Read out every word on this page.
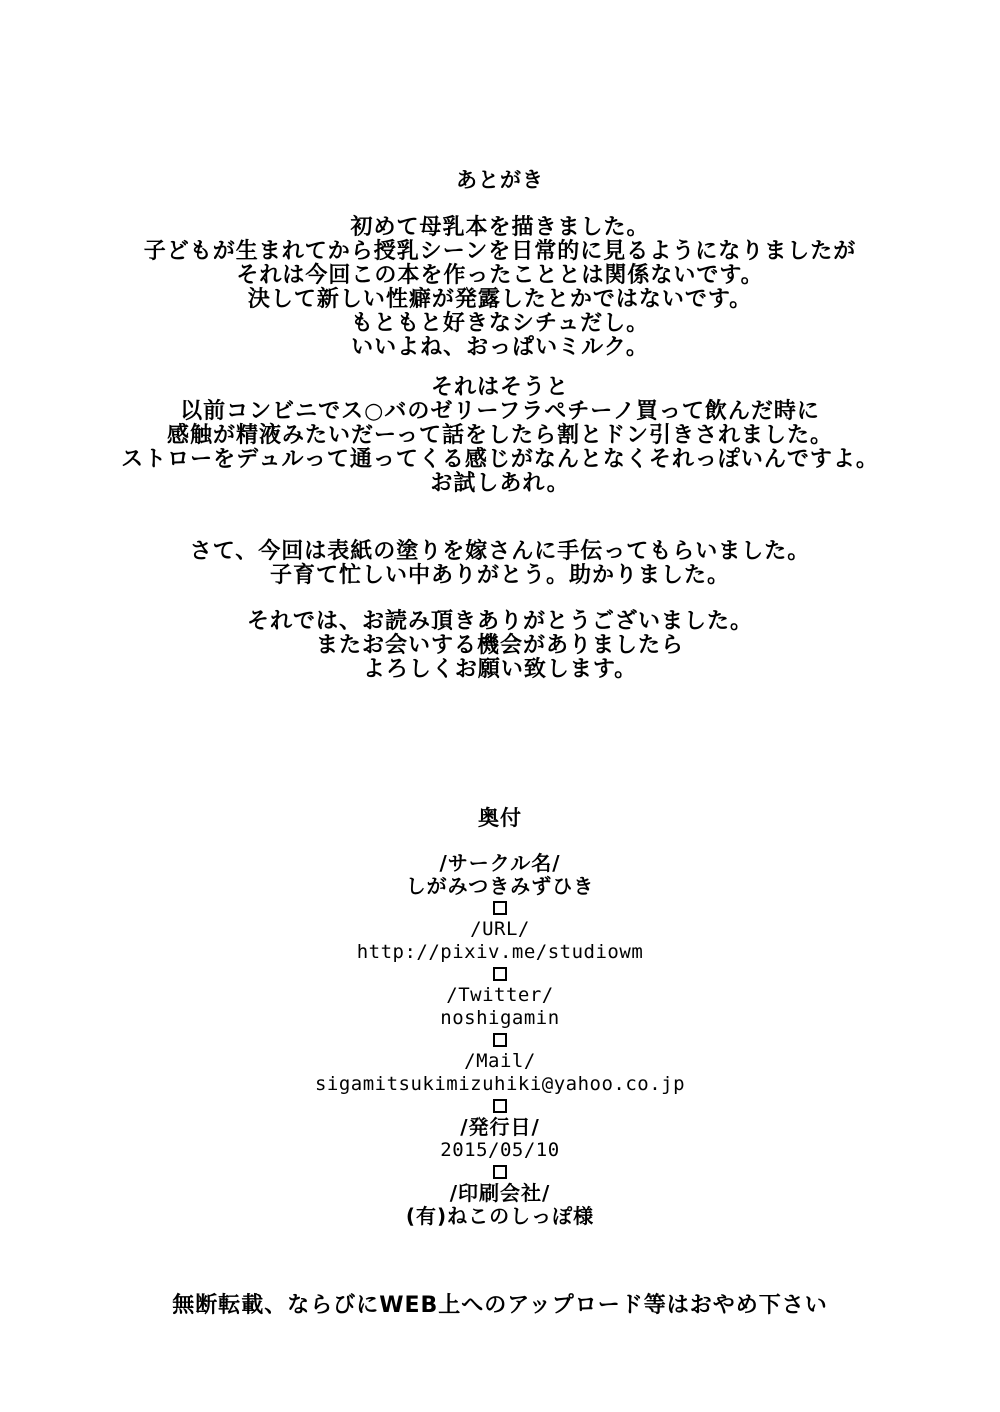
あとがき
初めて母乳本を描きました。
子どもが生まれてから授乳シーンを日常的に見るようになりましたが
それは今回この本を作ったこととは関係ないです。
決して新しい性癖が発露したとかではないです。
もともと好きなシチュだし。
いいよね、おっぱいミルク。
それはそうと
以前コンビニでス○バのゼリーフラペチーノ買って飲んだ時に
感触が精液みたいだーって話をしたら割とドン引きされました。
ストローをデュルって通ってくる感じがなんとなくそれっぽいんですよ。
お試しあれ。
さて、今回は表紙の塗りを嫁さんに手伝ってもらいました。
子育て忙しい中ありがとう。助かりました。
それでは、お読み頂きありがとうございました。
またお会いする機会がありましたら
よろしくお願い致します。
奥付
/サークル名/
しがみつきみずひき
/URL/
http://pixiv.me/studiowm
/Twitter/
noshigamin
/Mail/
sigamitsukimizuhiki@yahoo.co.jp
/発行日/
2015/05/10
/印刷会社/
(有)ねこのしっぽ様
無断転載、ならびにWEB上へのアップロード等はおやめ下さい
